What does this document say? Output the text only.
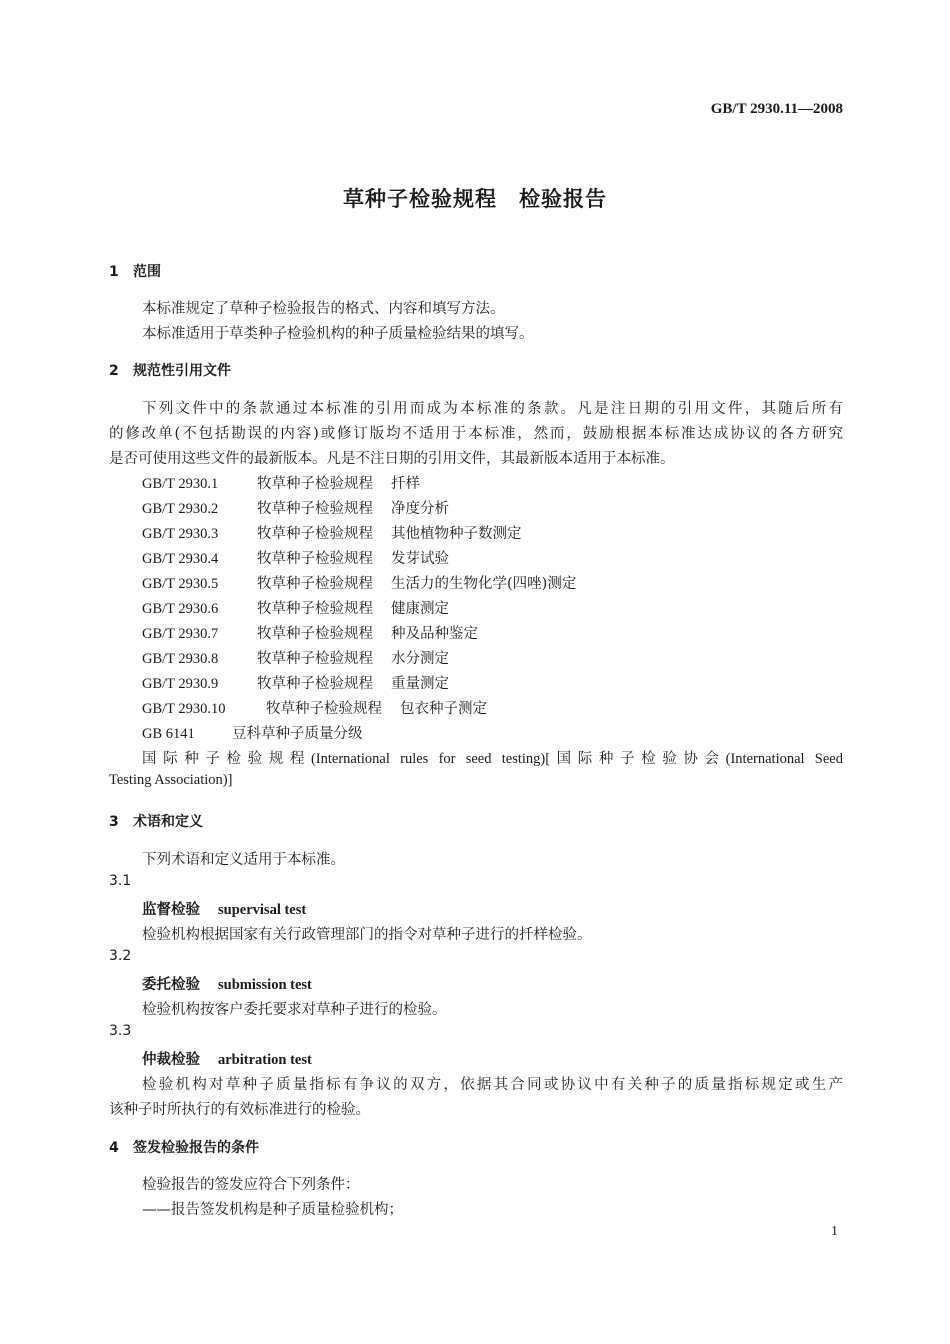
GB/T 2930.11—2008
草种子检验规程　检验报告
1 范围
本标准规定了草种子检验报告的格式、内容和填写方法。
本标准适用于草类种子检验机构的种子质量检验结果的填写。
2 规范性引用文件
下列文件中的条款通过本标准的引用而成为本标准的条款。凡是注日期的引用文件，其随后所有
的修改单(不包括勘误的内容)或修订版均不适用于本标准，然而，鼓励根据本标准达成协议的各方研究
是否可使用这些文件的最新版本。凡是不注日期的引用文件，其最新版本适用于本标准。
GB/T 2930.1	牧草种子检验规程 扦样
GB/T 2930.2	牧草种子检验规程 净度分析
GB/T 2930.3	牧草种子检验规程 其他植物种子数测定
GB/T 2930.4	牧草种子检验规程 发芽试验
GB/T 2930.5	牧草种子检验规程 生活力的生物化学(四唑)测定
GB/T 2930.6	牧草种子检验规程 健康测定
GB/T 2930.7	牧草种子检验规程 种及品种鉴定
GB/T 2930.8	牧草种子检验规程 水分测定
GB/T 2930.9	牧草种子检验规程 重量测定
GB/T 2930.10	牧草种子检验规程 包衣种子测定
GB 6141	豆科草种子质量分级
国际种子检验规程(International rules for seed testing)[国际种子检验协会(International Seed
Testing Association)]
3 术语和定义
下列术语和定义适用于本标准。
3.1
监督检验 supervisal test
检验机构根据国家有关行政管理部门的指令对草种子进行的扦样检验。
3.2
委托检验 submission test
检验机构按客户委托要求对草种子进行的检验。
3.3
仲裁检验 arbitration test
检验机构对草种子质量指标有争议的双方，依据其合同或协议中有关种子的质量指标规定或生产
该种子时所执行的有效标准进行的检验。
4 签发检验报告的条件
检验报告的签发应符合下列条件：
——报告签发机构是种子质量检验机构；
1
